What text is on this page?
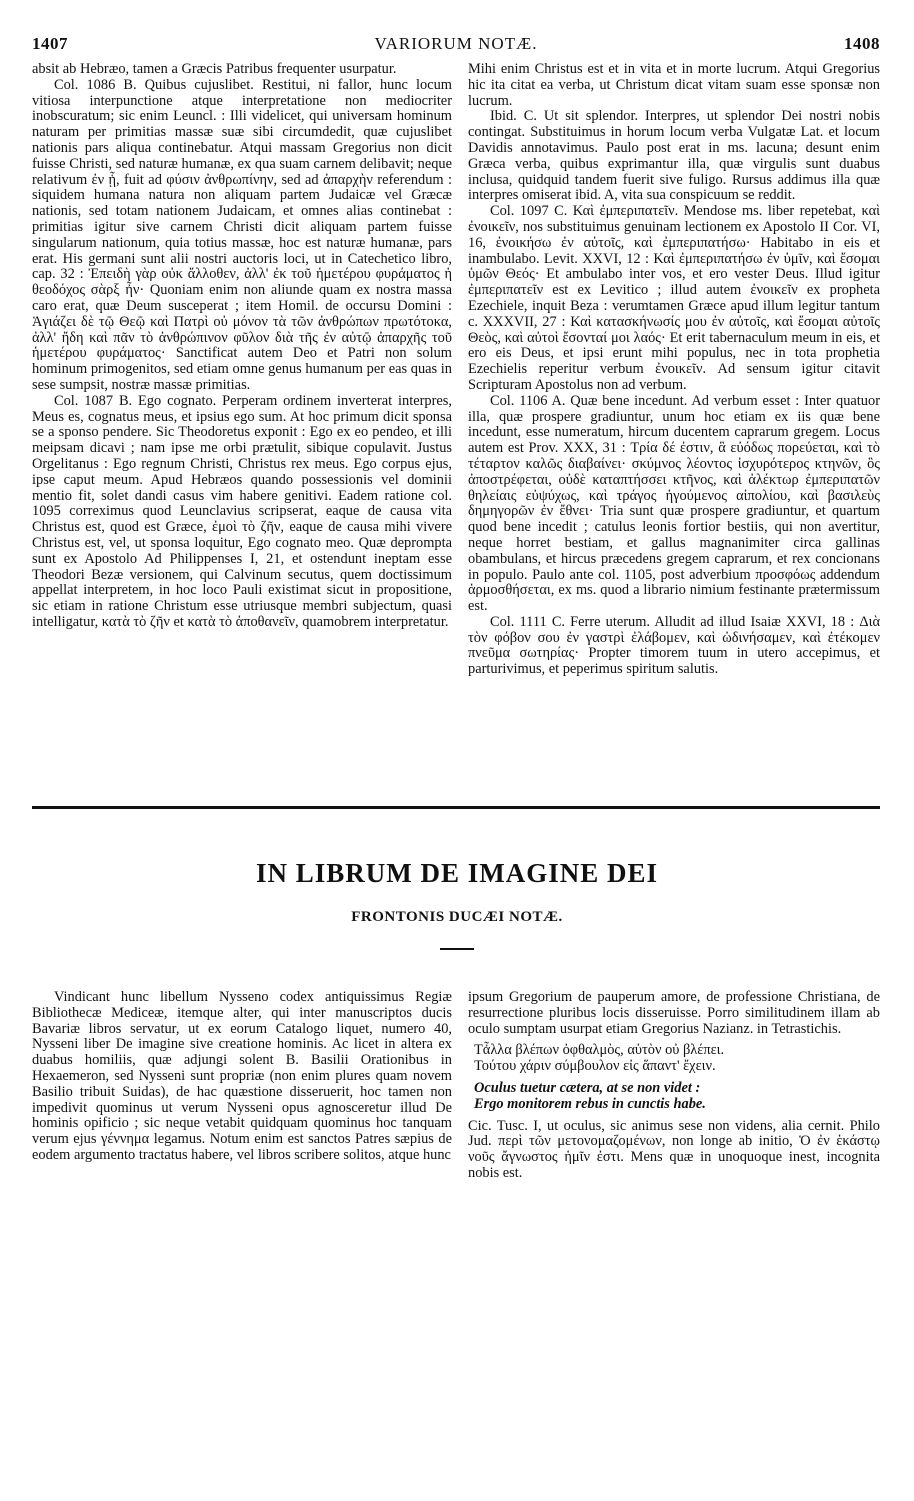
1407	VARIORUM NOTÆ.	1408

absit ab Hebræo, tamen a Græcis Patribus frequenter usurpatur.

Col. 1086 B. Quibus cujuslibet. Restitui, ni fallor, hunc locum vitiosa interpunctione atque interpretatione non mediocriter inobscuratum; sic enim Leuncl. : Illi videlicet, qui universam hominum naturam per primitias massæ suæ sibi circumdedit, quæ cujuslibet nationis pars aliqua continebatur. Atqui massam Gregorius non dicit fuisse Christi, sed naturæ humanæ, ex qua suam carnem delibavit; neque relativum ἐν ᾗ, fuit ad φύσιν ἀνθρωπίνην, sed ad ἀπαρχὴν referendum : siquidem humana natura non aliquam partem Judaicæ vel Græcæ nationis, sed totam nationem Judaicam, et omnes alias continebat : primitias igitur sive carnem Christi dicit aliquam partem fuisse singularum nationum, quia totius massæ, hoc est naturæ humanæ, pars erat. His germani sunt alii nostri auctoris loci, ut in Catechetico libro, cap. 32 : Ἐπειδὴ γὰρ οὐκ ἄλλοθεν, ἀλλ' ἐκ τοῦ ἡμετέρου φυράματος ἡ θεοδόχος σὰρξ ἦν· Quoniam enim non aliunde quam ex nostra massa caro erat, quæ Deum susceperat ; item Homil. de occursu Domini : Ἁγιάζει δὲ τῷ Θεῷ καὶ Πατρὶ οὐ μόνον τὰ τῶν ἀνθρώπων πρωτότοκα, ἀλλ' ἤδη καὶ πᾶν τὸ ἀνθρώπινον φῦλον διὰ τῆς ἐν αὐτῷ ἀπαρχῆς τοῦ ἡμετέρου φυράματος· Sanctificat autem Deo et Patri non solum hominum primogenitos, sed etiam omne genus humanum per eas quas in sese sumpsit, nostræ massæ primitias.

Col. 1087 B. Ego cognato. Perperam ordinem inverterat interpres, Meus es, cognatus meus, et ipsius ego sum. At hoc primum dicit sponsa se a sponso pendere. Sic Theodoretus exponit : Ego ex eo pendeo, et illi meipsam dicavi ; nam ipse me orbi prætulit, sibique copulavit. Justus Orgelitanus : Ego regnum Christi, Christus rex meus. Ego corpus ejus, ipse caput meum. Apud Hebræos quando possessionis vel dominii mentio fit, solet dandi casus vim habere genitivi. Eadem ratione col. 1095 correximus quod Leunclavius scripserat, eaque de causa vita Christus est, quod est Græce, ἐμοὶ τὸ ζῆν, eaque de causa mihi vivere Christus est, vel, ut sponsa loquitur, Ego cognato meo. Quæ deprompta sunt ex Apostolo Ad Philippenses I, 21, et ostendunt ineptam esse Theodori Bezæ versionem, qui Calvinum secutus, quem doctissimum appellat interpretem, in hoc loco Pauli existimat sicut in propositione, sic etiam in ratione Christum esse utriusque membri subjectum, quasi intelligatur, κατὰ τὸ ζῆν et κατὰ τὸ ἀποθανεῖν, quamobrem interpretatur.

Mihi enim Christus est et in vita et in morte lucrum. Atqui Gregorius hic ita citat ea verba, ut Christum dicat vitam suam esse sponsæ non lucrum.

Ibid. C. Ut sit splendor. Interpres, ut splendor Dei nostri nobis contingat. Substituimus in horum locum verba Vulgatæ Lat. et locum Davidis annotavimus. Paulo post erat in ms. lacuna; desunt enim Græca verba, quibus exprimantur illa, quæ virgulis sunt duabus inclusa, quidquid tandem fuerit sive fuligo. Rursus addimus illa quæ interpres omiserat ibid. A, vita sua conspicuum se reddit.

Col. 1097 C. Καὶ ἐμπεριπατεῖν. Mendose ms. liber repetebat, καὶ ἐνοικεῖν, nos substituimus genuinam lectionem ex Apostolo II Cor. VI, 16, ἐνοικήσω ἐν αὐτοῖς, καὶ ἐμπεριπατήσω· Habitabo in eis et inambulabo. Levit. XXVI, 12 : Καὶ ἐμπεριπατήσω ἐν ὑμῖν, καὶ ἔσομαι ὑμῶν Θεός· Et ambulabo inter vos, et ero vester Deus. Illud igitur ἐμπεριπατεῖν est ex Levitico ; illud autem ἐνοικεῖν ex propheta Ezechiele, inquit Beza : verumtamen Græce apud illum legitur tantum c. XXXVII, 27 : Καὶ κατασκήνωσίς μου ἐν αὐτοῖς, καὶ ἔσομαι αὐτοῖς Θεὸς, καὶ αὐτοὶ ἔσονταί μοι λαός· Et erit tabernaculum meum in eis, et ero eis Deus, et ipsi erunt mihi populus, nec in tota prophetia Ezechielis reperitur verbum ἐνοικεῖν. Ad sensum igitur citavit Scripturam Apostolus non ad verbum.

Col. 1106 A. Quæ bene incedunt. Ad verbum esset : Inter quatuor illa, quæ prospere gradiuntur, unum hoc etiam ex iis quæ bene incedunt, esse numeratum, hircum ducentem caprarum gregem. Locus autem est Prov. XXX, 31 : Τρία δέ ἐστιν, ἃ εὐόδως πορεύεται, καὶ τὸ τέταρτον καλῶς διαβαίνει· σκύμνος λέοντος ἰσχυρότερος κτηνῶν, ὃς ἀποστρέφεται, οὐδὲ καταπτήσσει κτῆνος, καὶ ἀλέκτωρ ἐμπεριπατῶν θηλείαις εὐψύχως, καὶ τράγος ἡγούμενος αἰπολίου, καὶ βασιλεὺς δημηγορῶν ἐν ἔθνει· Tria sunt quæ prospere gradiuntur, et quartum quod bene incedit ; catulus leonis fortior bestiis, qui non avertitur, neque horret bestiam, et gallus magnanimiter circa gallinas obambulans, et hircus præcedens gregem caprarum, et rex concionans in populo. Paulo ante col. 1105, post adverbium προσφόως addendum ἁρμοσθήσεται, ex ms. quod a librario nimium festinante prætermissum est.

Col. 1111 C. Ferre uterum. Alludit ad illud Isaiæ XXVI, 18 : Διὰ τὸν φόβον σου ἐν γαστρὶ ἐλάβομεν, καὶ ὠδινήσαμεν, καὶ ἐτέκομεν πνεῦμα σωτηρίας· Propter timorem tuum in utero accepimus, et parturivimus, et peperimus spiritum salutis.

IN LIBRUM DE IMAGINE DEI
FRONTONIS DUCÆI NOTÆ.

Vindicant hunc libellum Nysseno codex antiquissimus Regiæ Bibliothecæ Mediceæ, itemque alter, qui inter manuscriptos ducis Bavariæ libros servatur, ut ex eorum Catalogo liquet, numero 40, Nysseni liber De imagine sive creatione hominis. Ac licet in altera ex duabus homiliis, quæ adjungi solent B. Basilii Orationibus in Hexaemeron, sed Nysseni sunt propriæ (non enim plures quam novem Basilio tribuit Suidas), de hac quæstione disseruerit, hoc tamen non impedivit quominus ut verum Nysseni opus agnosceretur illud De hominis opificio ; sic neque vetabit quidquam quominus hoc tanquam verum ejus γέννημα legamus. Notum enim est sanctos Patres sæpius de eodem argumento tractatus habere, vel libros scribere solitos, atque hunc

ipsum Gregorium de pauperum amore, de professione Christiana, de resurrectione pluribus locis disseruisse. Porro similitudinem illam ab oculo sumptam usurpat etiam Gregorius Nazianz. in Tetrastichis.

Τἆλλα βλέπων ὀφθαλμὸς, αὑτὸν οὐ βλέπει.
Τούτου χάριν σύμβουλον εἰς ἅπαντ' ἔχειν.
Oculus tuetur cætera, at se non videt :
Ergo monitorem rebus in cunctis habe.

Cic. Tusc. I, ut oculus, sic animus sese non videns, alia cernit. Philo Jud. περὶ τῶν μετονομαζομένων, non longe ab initio, Ὁ ἐν ἑκάστῳ νοῦς ἄγνωστος ἡμῖν ἐστι. Mens quæ in unoquoque inest, incognita nobis est.
